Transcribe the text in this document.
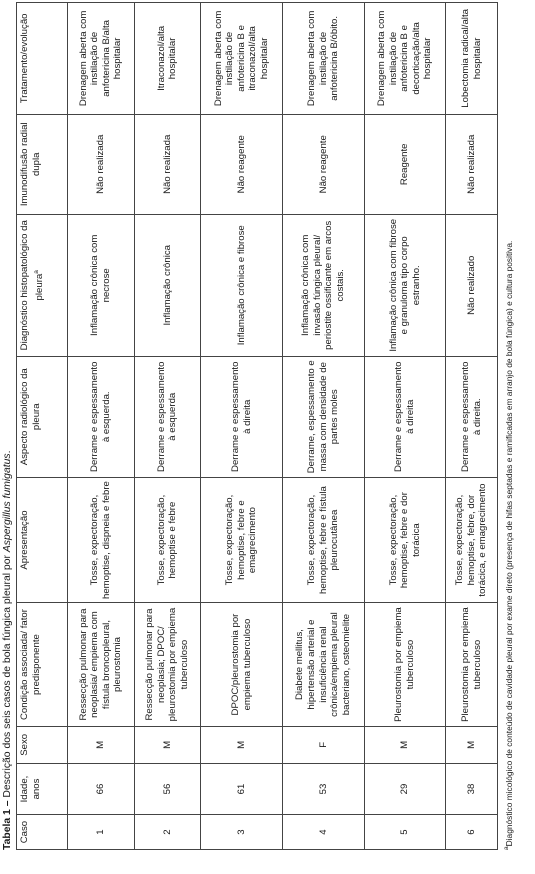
Tabela 1 – Descrição dos seis casos de bola fúngica pleural por Aspergillus fumigatus.
Caso	Idade, anos	Sexo	Condição associada/ fator predisponente	Apresentação	Aspecto radiológico da pleura	Diagnóstico histopatológico da pleura$^a$	Imunodifusão radial dupla	Tratamento/evolução
1	66	M	Ressecção pulmonar para neoplasia/ empiema com fístula broncopleural, pleurostomia	Tosse, expectoração, hemoptise, dispneia e febre	Derrame e espessamento à esquerda.	Inflamação crônica com necrose	Não realizada	Drenagem aberta com instilação de anfotericina B/alta hospitalar
2	56	M	Ressecção pulmonar para neoplasia; DPOC/ pleurostomia por empiema tuberculoso	Tosse, expectoração, hemoptise e febre	Derrame e espessamento à esquerda	Inflamação crônica	Não realizada	Itraconazol/alta hospitalar
3	61	M	DPOC/pleurostomia por empiema tuberculoso	Tosse, expectoração, hemoptise, febre e emagrecimento	Derrame e espessamento à direita	Inflamação crônica e fibrose	Não reagente	Drenagem aberta com instilação de anfotericina B e itraconazol/alta hospitalar
4	53	F	Diabete mellitus, hipertensão arterial e insuficiência renal crônica/empiema pleural bacteriano, osteomielite	Tosse, expectoração, hemoptise, febre e fístula pleurocutânea	Derrame, espessamento e massa com densidade de partes moles	Inflamação crônica com invasão fúngica pleural/ periostite ossificante em arcos costais.	Não reagente	Drenagem aberta com instilação de anfotericina B/óbito.
5	29	M	Pleurostomia por empiema tuberculoso	Tosse, expectoração, hemoptise, febre e dor torácica	Derrame e espessamento à direita	Inflamação crônica com fibrose e granuloma tipo corpo estranho.	Reagente	Drenagem aberta com instilação de anfotericina B e decorticação/alta hospitalar
6	38	M	Pleurostomia por empiema tuberculoso	Tosse, expectoração, hemoptise, febre, dor torácica, e emagrecimento	Derrame e espessamento à direita.	Não realizado	Não realizada	Lobectomia radical/alta hospitalar
$^a$Diagnóstico micológico de conteúdo de cavidade pleural por exame direto (presença de hifas septadas e ramificadas em arranjo de bola fúngica) e cultura positiva.
